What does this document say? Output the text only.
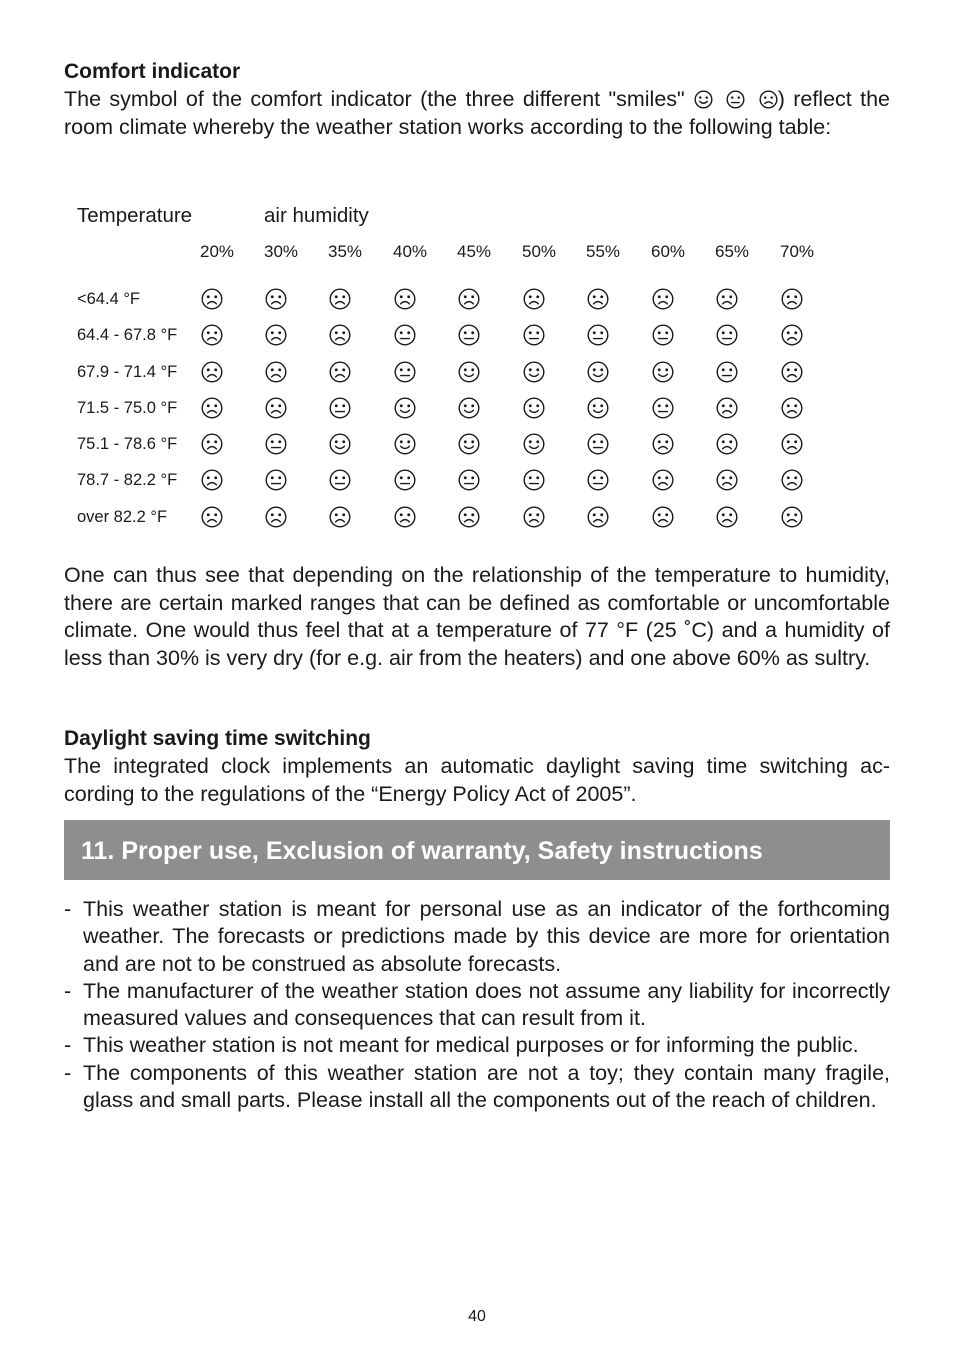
Comfort indicator

The symbol of the comfort indicator (the three different "smiles"	) reflect the room climate whereby the weather station works according to the following table:

Temperature	air humidity
20% 30% 35% 40% 45% 50% 55% 60% 65% 70%
<64.4 °F
64.4 - 67.8 °F
67.9 - 71.4 °F
71.5 - 75.0 °F
75.1 - 78.6 °F
78.7 - 82.2 °F
over 82.2 °F

One can thus see that depending on the relationship of the temperature to humidity, there are certain marked ranges that can be defined as comfortable or uncomfortable climate. One would thus feel that at a temperature of 77 °F (25 ˚C) and a humidity of less than 30% is very dry (for e.g. air from the heaters) and one above 60% as sultry.

Daylight saving time switching

The integrated clock implements an automatic daylight saving time switching according to the regulations of the “Energy Policy Act of 2005”.

11. Proper use, Exclusion of warranty, Safety instructions
- This weather station is meant for personal use as an indicator of the forthcoming weather. The forecasts or predictions made by this device are more for orientation and are not to be construed as absolute forecasts.
- The manufacturer of the weather station does not assume any liability for incorrectly measured values and consequences that can result from it.
- This weather station is not meant for medical purposes or for informing the public.
- The components of this weather station are not a toy; they contain many fragile, glass and small parts. Please install all the components out of the reach of children.
40
